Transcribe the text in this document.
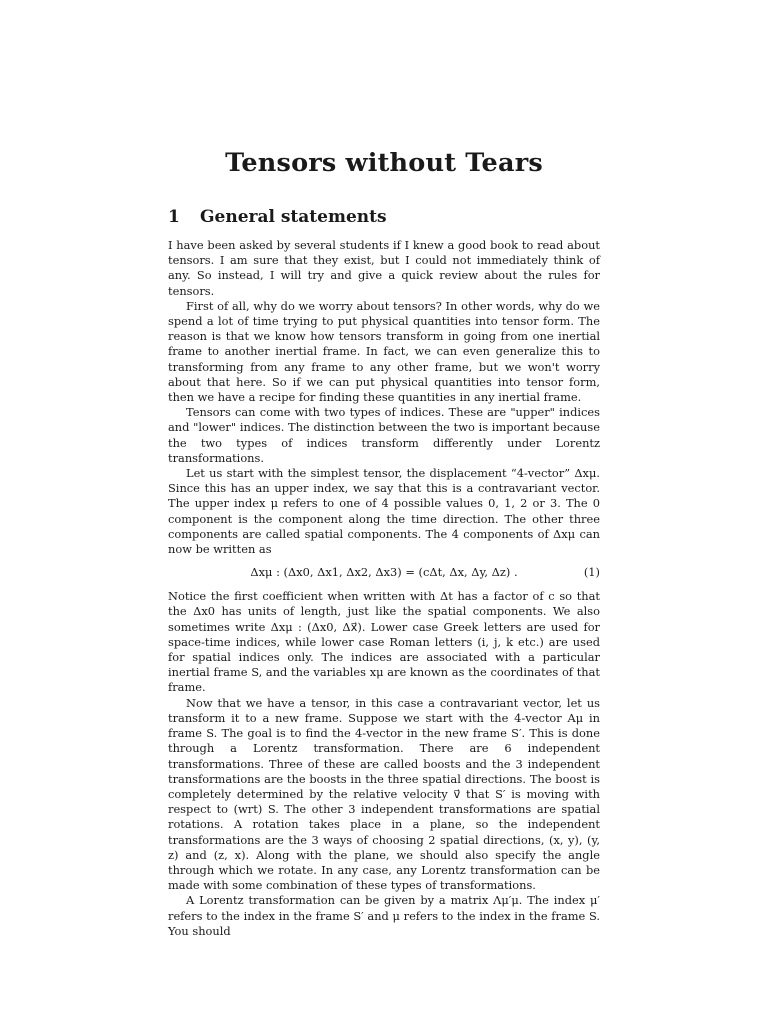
Tensors without Tears
1 General statements

I have been asked by several students if I knew a good book to read about tensors. I am sure that they exist, but I could not immediately think of any. So instead, I will try and give a quick review about the rules for tensors.

First of all, why do we worry about tensors? In other words, why do we spend a lot of time trying to put physical quantities into tensor form. The reason is that we know how tensors transform in going from one inertial frame to another inertial frame. In fact, we can even generalize this to transforming from any frame to any other frame, but we won't worry about that here. So if we can put physical quantities into tensor form, then we have a recipe for finding these quantities in any inertial frame.

Tensors can come with two types of indices. These are "upper" indices and "lower" indices. The distinction between the two is important because the two types of indices transform differently under Lorentz transformations.

Let us start with the simplest tensor, the displacement “4-vector” Δxμ. Since this has an upper index, we say that this is a contravariant vector. The upper index μ refers to one of 4 possible values 0, 1, 2 or 3. The 0 component is the component along the time direction. The other three components are called spatial components. The 4 components of Δxμ can now be written as

Δxμ : (Δx0, Δx1, Δx2, Δx3) = (cΔt, Δx, Δy, Δz) .	(1)

Notice the first coefficient when written with Δt has a factor of c so that the Δx0 has units of length, just like the spatial components. We also sometimes write Δxμ : (Δx0, Δx⃗). Lower case Greek letters are used for space-time indices, while lower case Roman letters (i, j, k etc.) are used for spatial indices only. The indices are associated with a particular inertial frame S, and the variables xμ are known as the coordinates of that frame.

Now that we have a tensor, in this case a contravariant vector, let us transform it to a new frame. Suppose we start with the 4-vector Aμ in frame S. The goal is to find the 4-vector in the new frame S′. This is done through a Lorentz transformation. There are 6 independent transformations. Three of these are called boosts and the 3 independent transformations are the boosts in the three spatial directions. The boost is completely determined by the relative velocity v⃗ that S′ is moving with respect to (wrt) S. The other 3 independent transformations are spatial rotations. A rotation takes place in a plane, so the independent transformations are the 3 ways of choosing 2 spatial directions, (x, y), (y, z) and (z, x). Along with the plane, we should also specify the angle through which we rotate. In any case, any Lorentz transformation can be made with some combination of these types of transformations.

A Lorentz transformation can be given by a matrix Λμ′μ. The index μ′ refers to the index in the frame S′ and μ refers to the index in the frame S. You should
